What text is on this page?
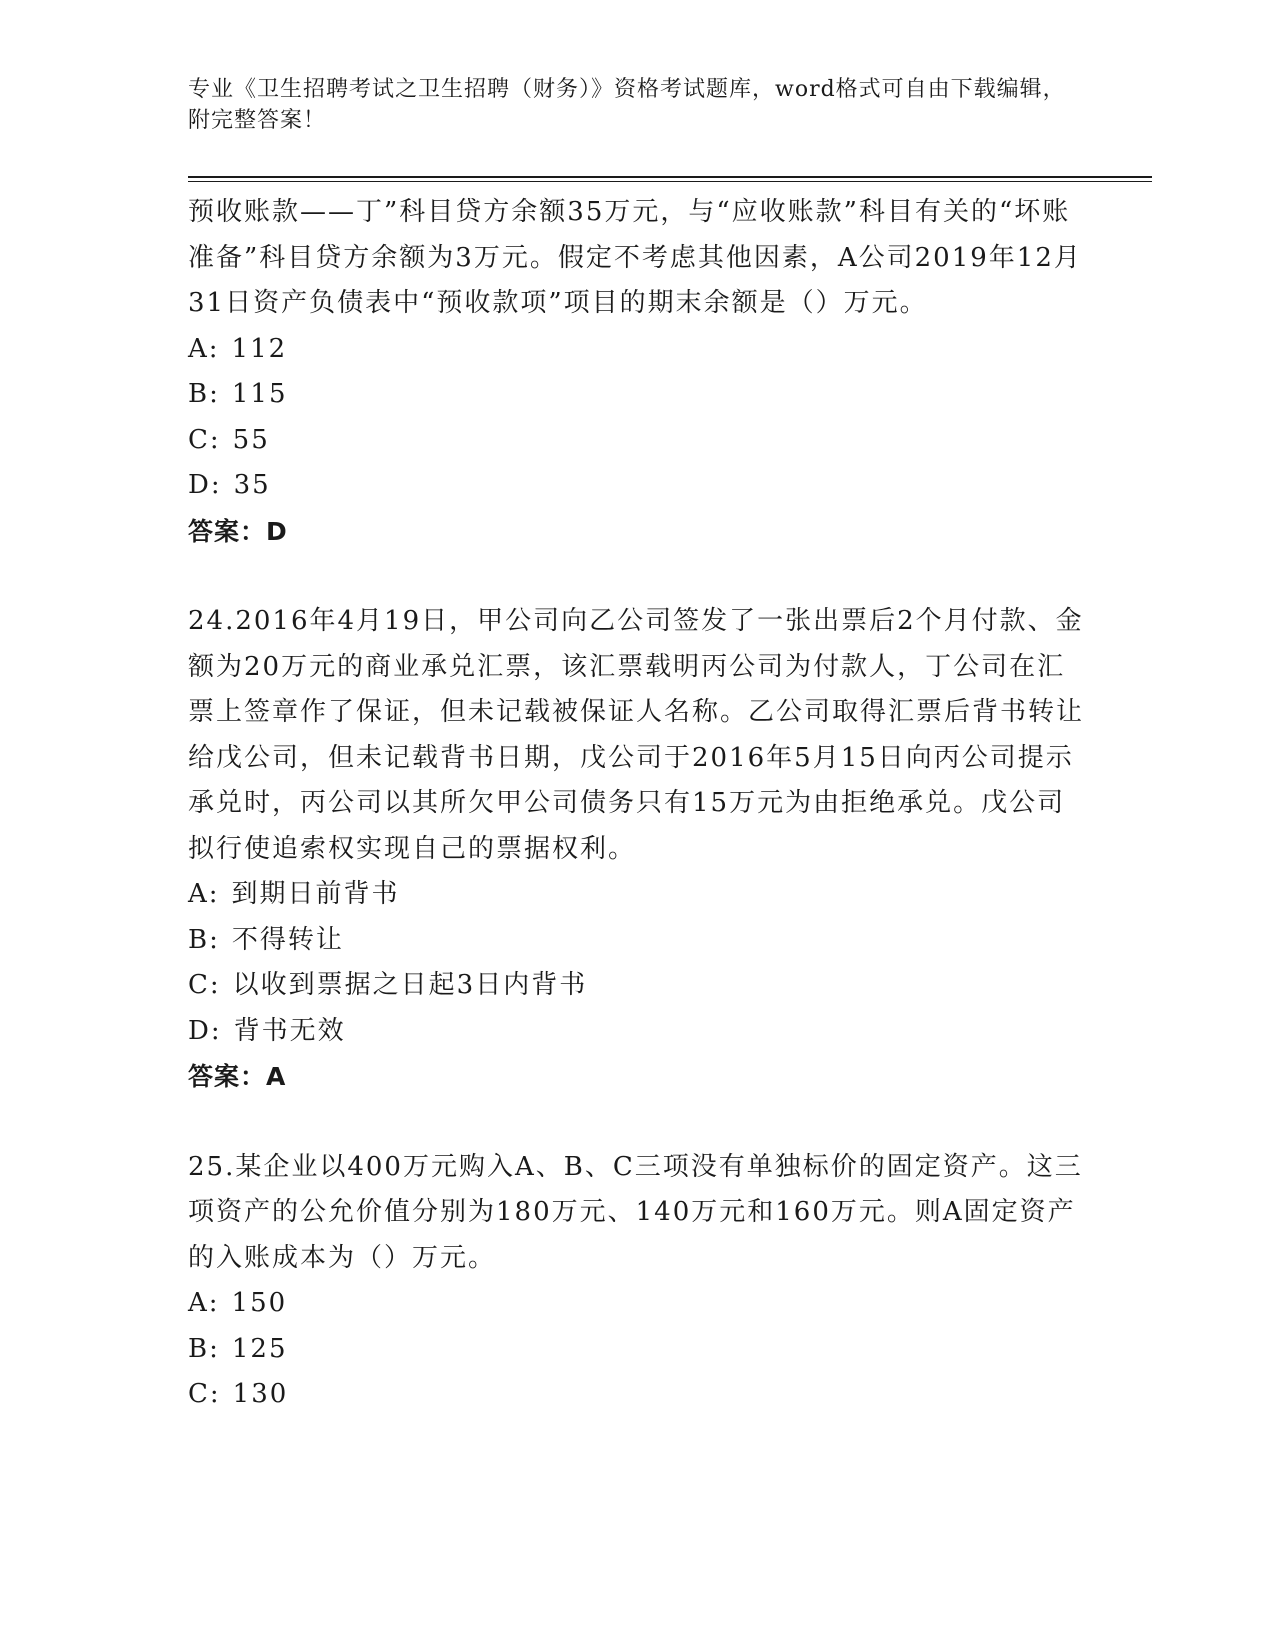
专业《卫生招聘考试之卫生招聘（财务）》资格考试题库，word格式可自由下载编辑，附完整答案！

预收账款——丁”科目贷方余额35万元，与“应收账款”科目有关的“坏账准备”科目贷方余额为3万元。假定不考虑其他因素，A公司2019年12月31日资产负债表中“预收款项”项目的期末余额是（）万元。

A: 112
B: 115
C: 55
D: 35
答案：D

24.2016年4月19日，甲公司向乙公司签发了一张出票后2个月付款、金额为20万元的商业承兑汇票，该汇票载明丙公司为付款人，丁公司在汇票上签章作了保证，但未记载被保证人名称。乙公司取得汇票后背书转让给戊公司，但未记载背书日期，戊公司于2016年5月15日向丙公司提示承兑时，丙公司以其所欠甲公司债务只有15万元为由拒绝承兑。戊公司拟行使追索权实现自己的票据权利。

A: 到期日前背书
B: 不得转让
C: 以收到票据之日起3日内背书
D: 背书无效
答案：A

25.某企业以400万元购入A、B、C三项没有单独标价的固定资产。这三项资产的公允价值分别为180万元、140万元和160万元。则A固定资产的入账成本为（）万元。

A: 150
B: 125
C: 130
